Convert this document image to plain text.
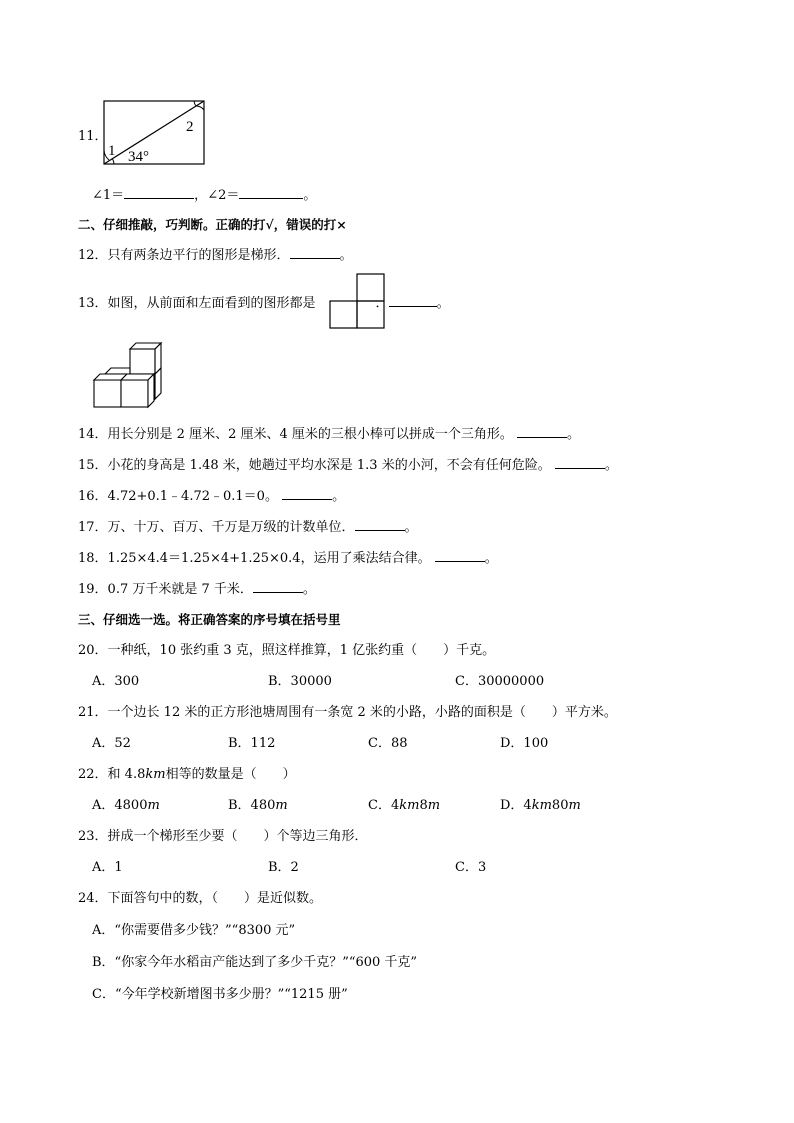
11．
1
2
34°
∠1＝	，∠2＝	。
二、仔细推敲，巧判断。正确的打√，错误的打×
12．只有两条边平行的图形是梯形．	。
13．如图，从前面和左面看到的图形都是	．	。
14．用长分别是 2 厘米、2 厘米、4 厘米的三根小棒可以拼成一个三角形。	。
15．小花的身高是 1.48 米，她趟过平均水深是 1.3 米的小河，不会有任何危险。	。
16．4.72+0.1﹣4.72﹣0.1＝0。	。
17．万、十万、百万、千万是万级的计数单位．	。
18．1.25×4.4＝1.25×4+1.25×0.4，运用了乘法结合律。	。
19．0.7 万千米就是 7 千米．	。
三、仔细选一选。将正确答案的序号填在括号里
20．一种纸，10 张约重 3 克，照这样推算，1 亿张约重（　　）千克。
A．300	B．30000	C．30000000
21．一个边长 12 米的正方形池塘周围有一条宽 2 米的小路，小路的面积是（　　）平方米。
A．52	B．112	C．88	D．100
22．和 4.8km相等的数量是（　　）
A．4800m	B．480m	C．4km8m	D．4km80m
23．拼成一个梯形至少要（　　）个等边三角形．
A．1	B．2	C．3
24．下面答句中的数，（　　）是近似数。
A．“你需要借多少钱？”“8300 元”
B．“你家今年水稻亩产能达到了多少千克？”“600 千克”
C．“今年学校新增图书多少册？”“1215 册”
